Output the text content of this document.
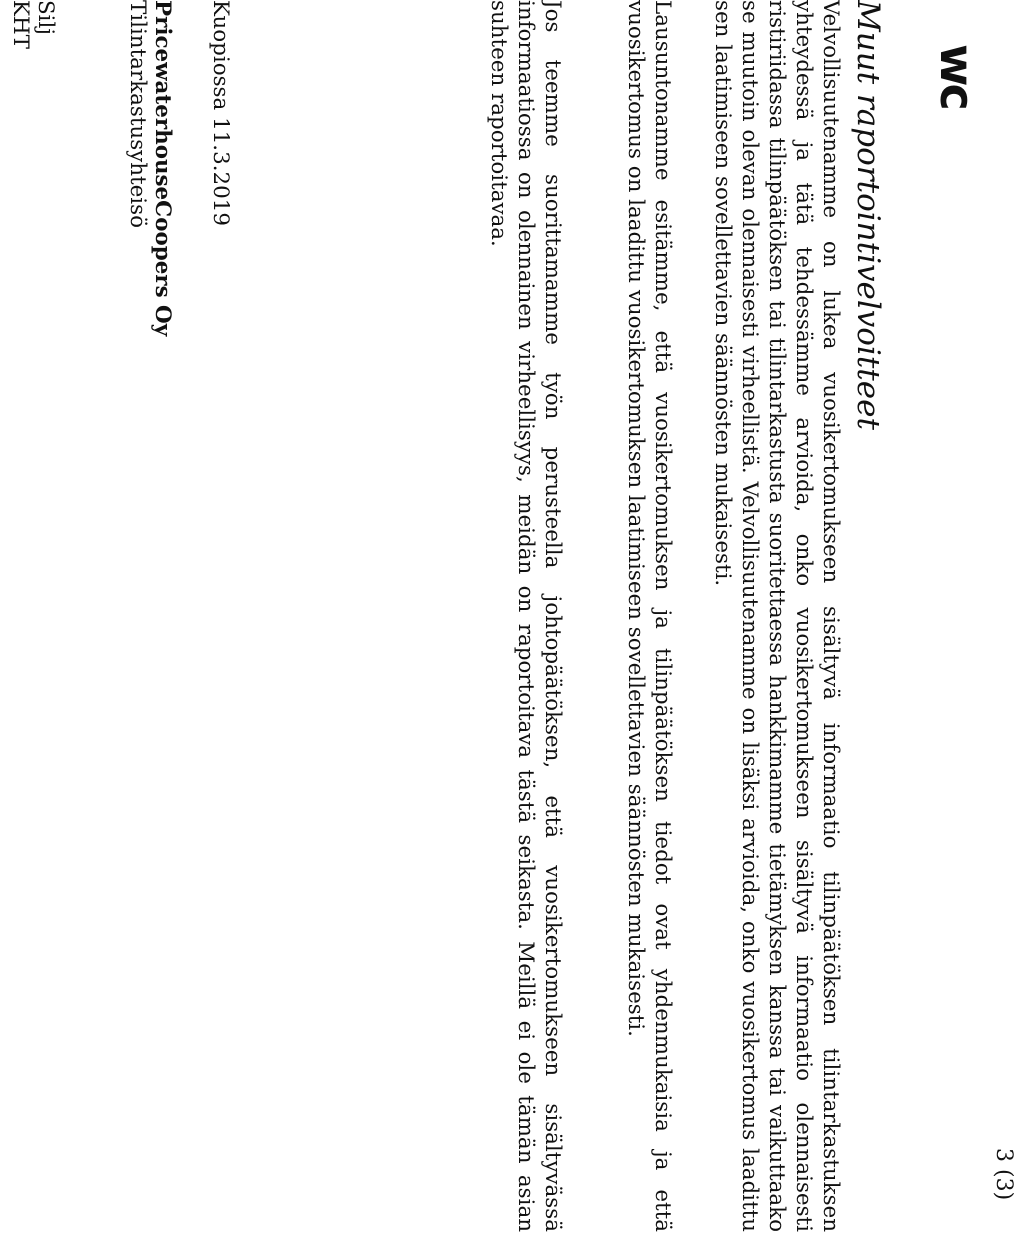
wc
3 (3)
Muut raportointivelvoitteet

Velvollisuutenamme on lukea vuosikertomukseen sisältyvä informaatio tilinpäätöksen tilintarkastuksen yhteydessä ja tätä tehdessämme arvioida, onko vuosikertomukseen sisältyvä informaatio olennaisesti ristiriidassa tilinpäätöksen tai tilintarkastusta suoritettaessa hankkimamme tietämyksen kanssa tai vaikuttaako se muutoin olevan olennaisesti virheellistä. Velvollisuutenamme on lisäksi arvioida, onko vuosikertomus laadittu sen laatimiseen sovellettavien säännösten mukaisesti.

Lausuntonamme esitämme, että vuosikertomuksen ja tilinpäätöksen tiedot ovat yhdenmukaisia ja että vuosikertomus on laadittu vuosikertomuksen laatimiseen sovellettavien säännösten mukaisesti.

Jos teemme suorittamamme työn perusteella johtopäätöksen, että vuosikertomukseen sisältyvässä informaatiossa on olennainen virheellisyys, meidän on raportoitava tästä seikasta. Meillä ei ole tämän asian suhteen raportoitavaa.

Kuopiossa 11.3.2019
PricewaterhouseCoopers Oy
Tilintarkastusyhteisö
Silj
KHT
